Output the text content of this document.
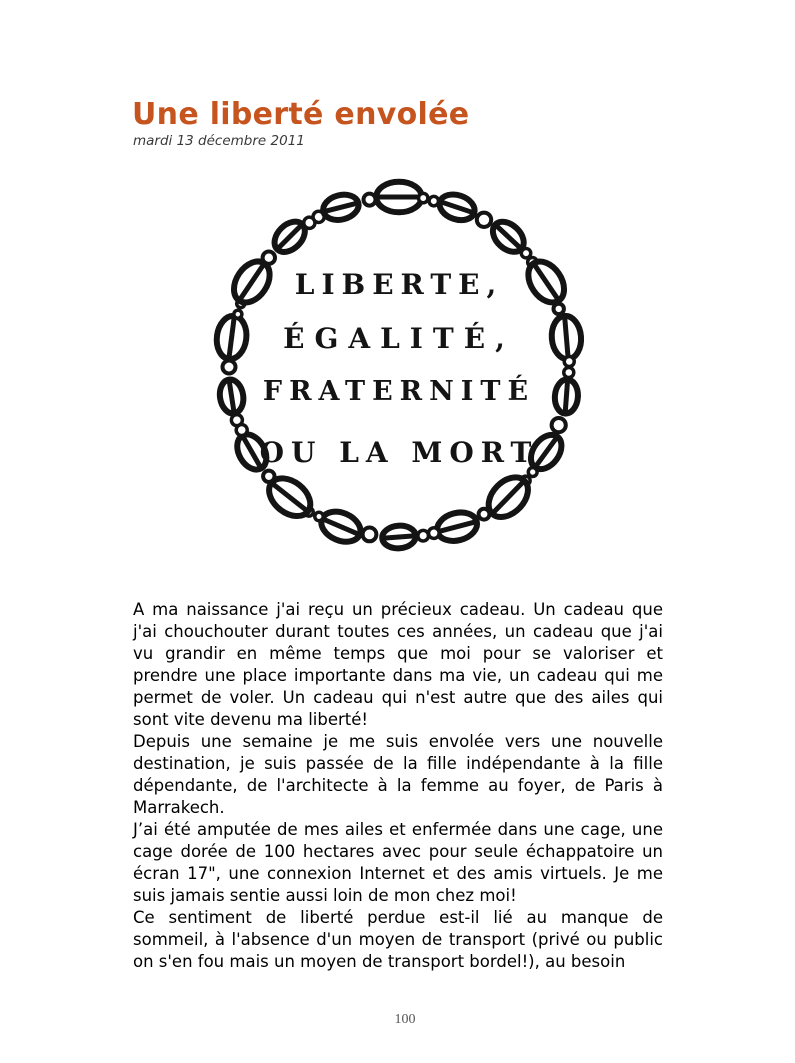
Une liberté envolée
mardi 13 décembre 2011
LIBERTE,
ÉGALITÉ,
FRATERNITÉ
OU LA MORT

A ma naissance j'ai reçu un précieux cadeau. Un cadeau que j'ai chouchouter durant toutes ces années, un cadeau que j'ai vu grandir en même temps que moi pour se valoriser et prendre une place importante dans ma vie, un cadeau qui me permet de voler. Un cadeau qui n'est autre que des ailes qui sont vite devenu ma liberté!

Depuis une semaine je me suis envolée vers une nouvelle destination, je suis passée de la fille indépendante à la fille dépendante, de l'architecte à la femme au foyer, de Paris à Marrakech.

J’ai été amputée de mes ailes et enfermée dans une cage, une cage dorée de 100 hectares avec pour seule échappatoire un écran 17", une connexion Internet et des amis virtuels. Je me suis jamais sentie aussi loin de mon chez moi!

Ce sentiment de liberté perdue est-il lié au manque de sommeil, à l'absence d'un moyen de transport (privé ou public on s'en fou mais un moyen de transport bordel!), au besoin

100
